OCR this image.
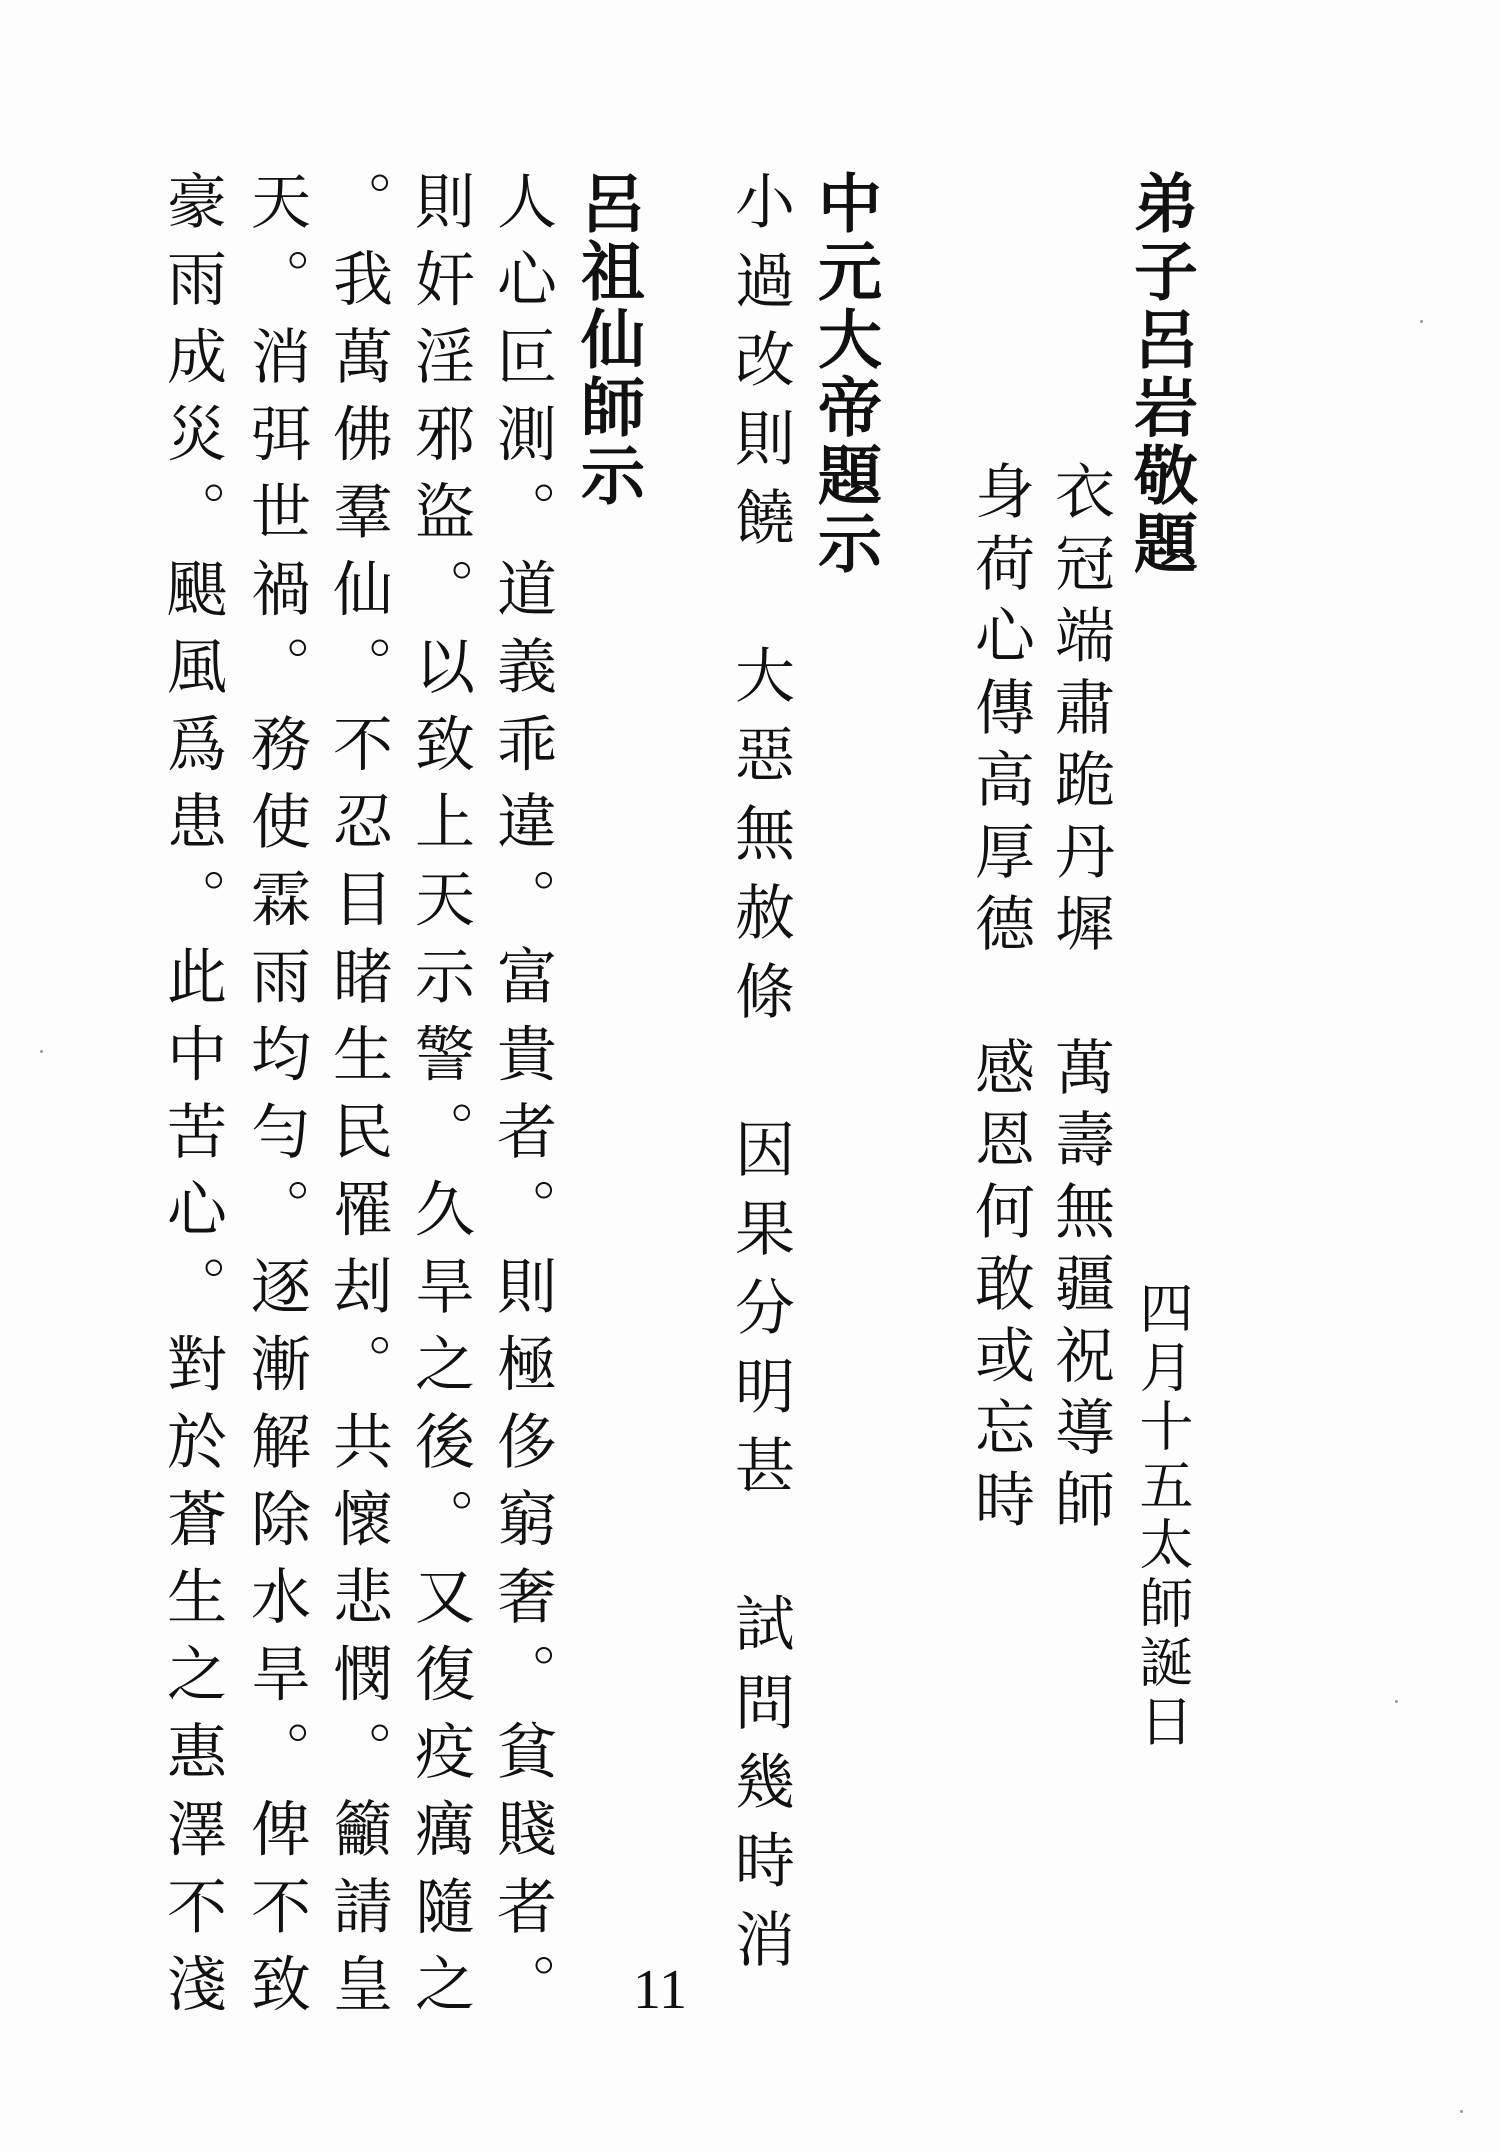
弟子呂岩敬題

四月十五太師誕日

衣冠端肅跪丹墀　萬壽無疆祝導師

身荷心傳高厚德　感恩何敢或忘時

中元大帝題示

小過改則饒　大惡無赦條　因果分明甚　試問幾時消

呂祖仙師示

人心叵測。道義乖違。富貴者。則極侈窮奢。貧賤者。

則奸淫邪盜。以致上天示警。久旱之後。又復疫癘隨之

。我萬佛羣仙。不忍目睹生民罹刦。共懷悲憫。籲請皇

天。消弭世禍。務使霖雨均勻。逐漸解除水旱。俾不致

豪雨成災。颶風爲患。此中苦心。對於蒼生之惠澤不淺	11
